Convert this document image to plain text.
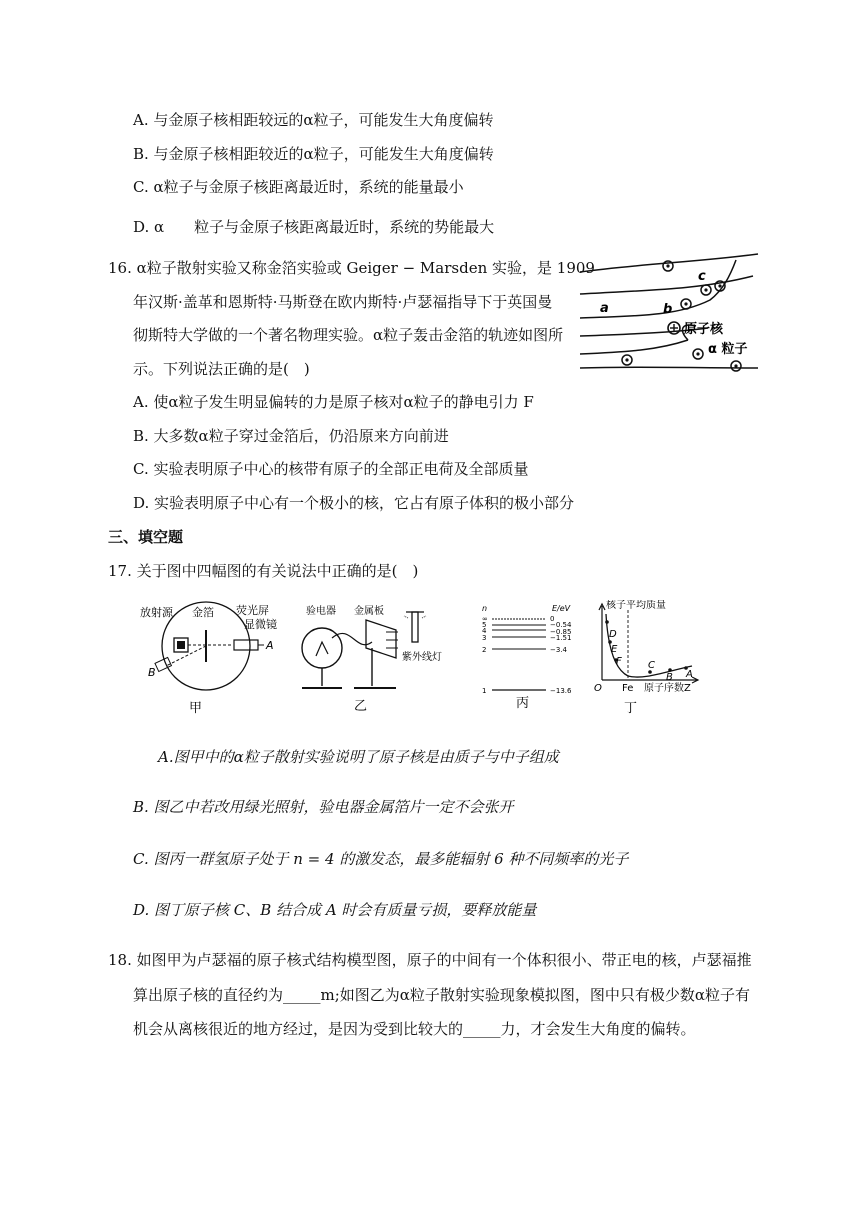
A. 与金原子核相距较远的α粒子，可能发生大角度偏转
B. 与金原子核相距较近的α粒子，可能发生大角度偏转
C. α粒子与金原子核距离最近时，系统的能量最小
D. α　　粒子与金原子核距离最近时，系统的势能最大
16. α粒子散射实验又称金箔实验或 Geiger − Marsden 实验，是 1909
年汉斯·盖革和恩斯特·马斯登在欧内斯特·卢瑟福指导下于英国曼
彻斯特大学做的一个著名物理实验。α粒子轰击金箔的轨迹如图所
示。下列说法正确的是(　)
a	b
c
原子核
α 粒子
A. 使α粒子发生明显偏转的力是原子核对α粒子的静电引力 F
B. 大多数α粒子穿过金箔后，仍沿原来方向前进
C. 实验表明原子中心的核带有原子的全部正电荷及全部质量
D. 实验表明原子中心有一个极小的核，它占有原子体积的极小部分
三、填空题
17. 关于图中四幅图的有关说法中正确的是(　)
放射源 金箔 荧光屏
显微镜
A
B
甲
验电器 金属板
紫外线灯
乙
n	E/eV
∞	0
5	−0.54
4	−0.85
3	−1.51
2	−3.4
1	−13.6
丙
核子平均质量
D
E
F	C
B A
O Fe 原子序数Z
丁
A.图甲中的α粒子散射实验说明了原子核是由质子与中子组成
B. 图乙中若改用绿光照射，验电器金属箔片一定不会张开
C. 图丙一群氢原子处于 n = 4 的激发态，最多能辐射 6 种不同频率的光子
D. 图丁原子核 C、B 结合成 A 时会有质量亏损，要释放能量
18. 如图甲为卢瑟福的原子核式结构模型图，原子的中间有一个体积很小、带正电的核，卢瑟福推
算出原子核的直径约为_____m;如图乙为α粒子散射实验现象模拟图，图中只有极少数α粒子有
机会从离核很近的地方经过，是因为受到比较大的_____力，才会发生大角度的偏转。
